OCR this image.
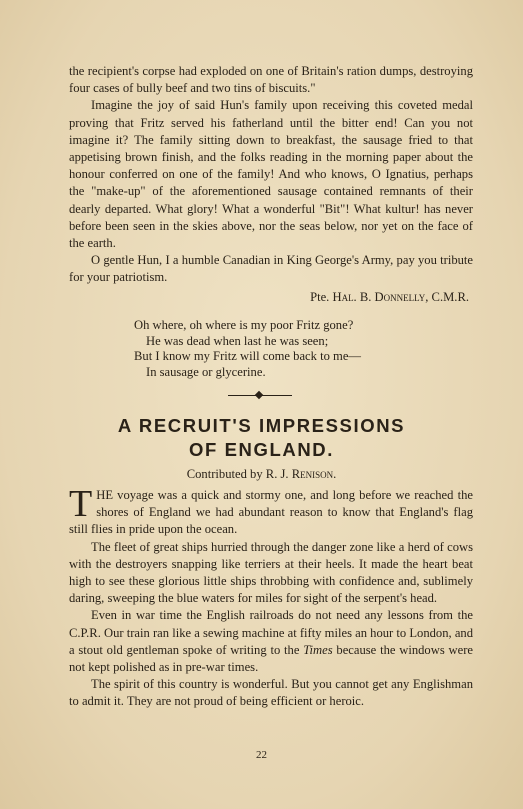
the recipient's corpse had exploded on one of Britain's ration dumps, destroying four cases of bully beef and two tins of biscuits."

Imagine the joy of said Hun's family upon receiving this coveted medal proving that Fritz served his fatherland until the bitter end! Can you not imagine it? The family sitting down to breakfast, the sausage fried to that appetising brown finish, and the folks reading in the morning paper about the honour conferred on one of the family! And who knows, O Ignatius, perhaps the "make-up" of the aforementioned sausage contained remnants of their dearly departed. What glory! What a wonderful "Bit"! What kultur! has never before been seen in the skies above, nor the seas below, nor yet on the face of the earth.

O gentle Hun, I a humble Canadian in King George's Army, pay you tribute for your patriotism.

Pte. Hal. B. Donnelly, C.M.R.
Oh where, oh where is my poor Fritz gone?
He was dead when last he was seen;
But I know my Fritz will come back to me—
In sausage or glycerine.
A RECRUIT'S IMPRESSIONS
OF ENGLAND.
Contributed by R. J. Renison.

THE voyage was a quick and stormy one, and long before we reached the shores of England we had abundant reason to know that England's flag still flies in pride upon the ocean.

The fleet of great ships hurried through the danger zone like a herd of cows with the destroyers snapping like terriers at their heels. It made the heart beat high to see these glorious little ships throbbing with confidence and, sublimely daring, sweeping the blue waters for miles for sight of the serpent's head.

Even in war time the English railroads do not need any lessons from the C.P.R. Our train ran like a sewing machine at fifty miles an hour to London, and a stout old gentleman spoke of writing to the Times because the windows were not kept polished as in pre-war times.

The spirit of this country is wonderful. But you cannot get any Englishman to admit it. They are not proud of being efficient or heroic.

22
